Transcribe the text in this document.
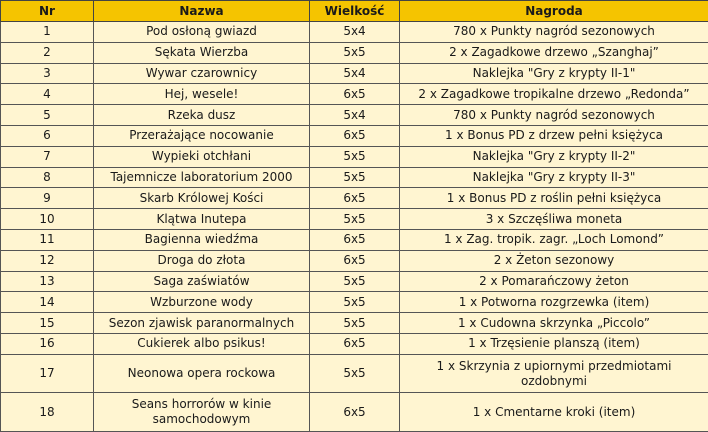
Nr	Nazwa	Wielkość	Nagroda
1	Pod osłoną gwiazd	5x4	780 x Punkty nagród sezonowych
2	Sękata Wierzba	5x5	2 x Zagadkowe drzewo „Szanghaj”
3	Wywar czarownicy	5x4	Naklejka "Gry z krypty II-1"
4	Hej, wesele!	6x5	2 x Zagadkowe tropikalne drzewo „Redonda”
5	Rzeka dusz	5x4	780 x Punkty nagród sezonowych
6	Przerażające nocowanie	6x5	1 x Bonus PD z drzew pełni księżyca
7	Wypieki otchłani	5x5	Naklejka "Gry z krypty II-2"
8	Tajemnicze laboratorium 2000	5x5	Naklejka "Gry z krypty II-3"
9	Skarb Królowej Kości	6x5	1 x Bonus PD z roślin pełni księżyca
10	Klątwa Inutepa	5x5	3 x Szczęśliwa moneta
11	Bagienna wiedźma	6x5	1 x Zag. tropik. zagr. „Loch Lomond”
12	Droga do złota	6x5	2 x Żeton sezonowy
13	Saga zaświatów	5x5	2 x Pomarańczowy żeton
14	Wzburzone wody	5x5	1 x Potworna rozgrzewka (item)
15	Sezon zjawisk paranormalnych	5x5	1 x Cudowna skrzynka „Piccolo”
16	Cukierek albo psikus!	6x5	1 x Trzęsienie planszą (item)
17	Neonowa opera rockowa	5x5	1 x Skrzynia z upiornymi przedmiotami ozdobnymi
18	Seans horrorów w kinie samochodowym	6x5	1 x Cmentarne kroki (item)
